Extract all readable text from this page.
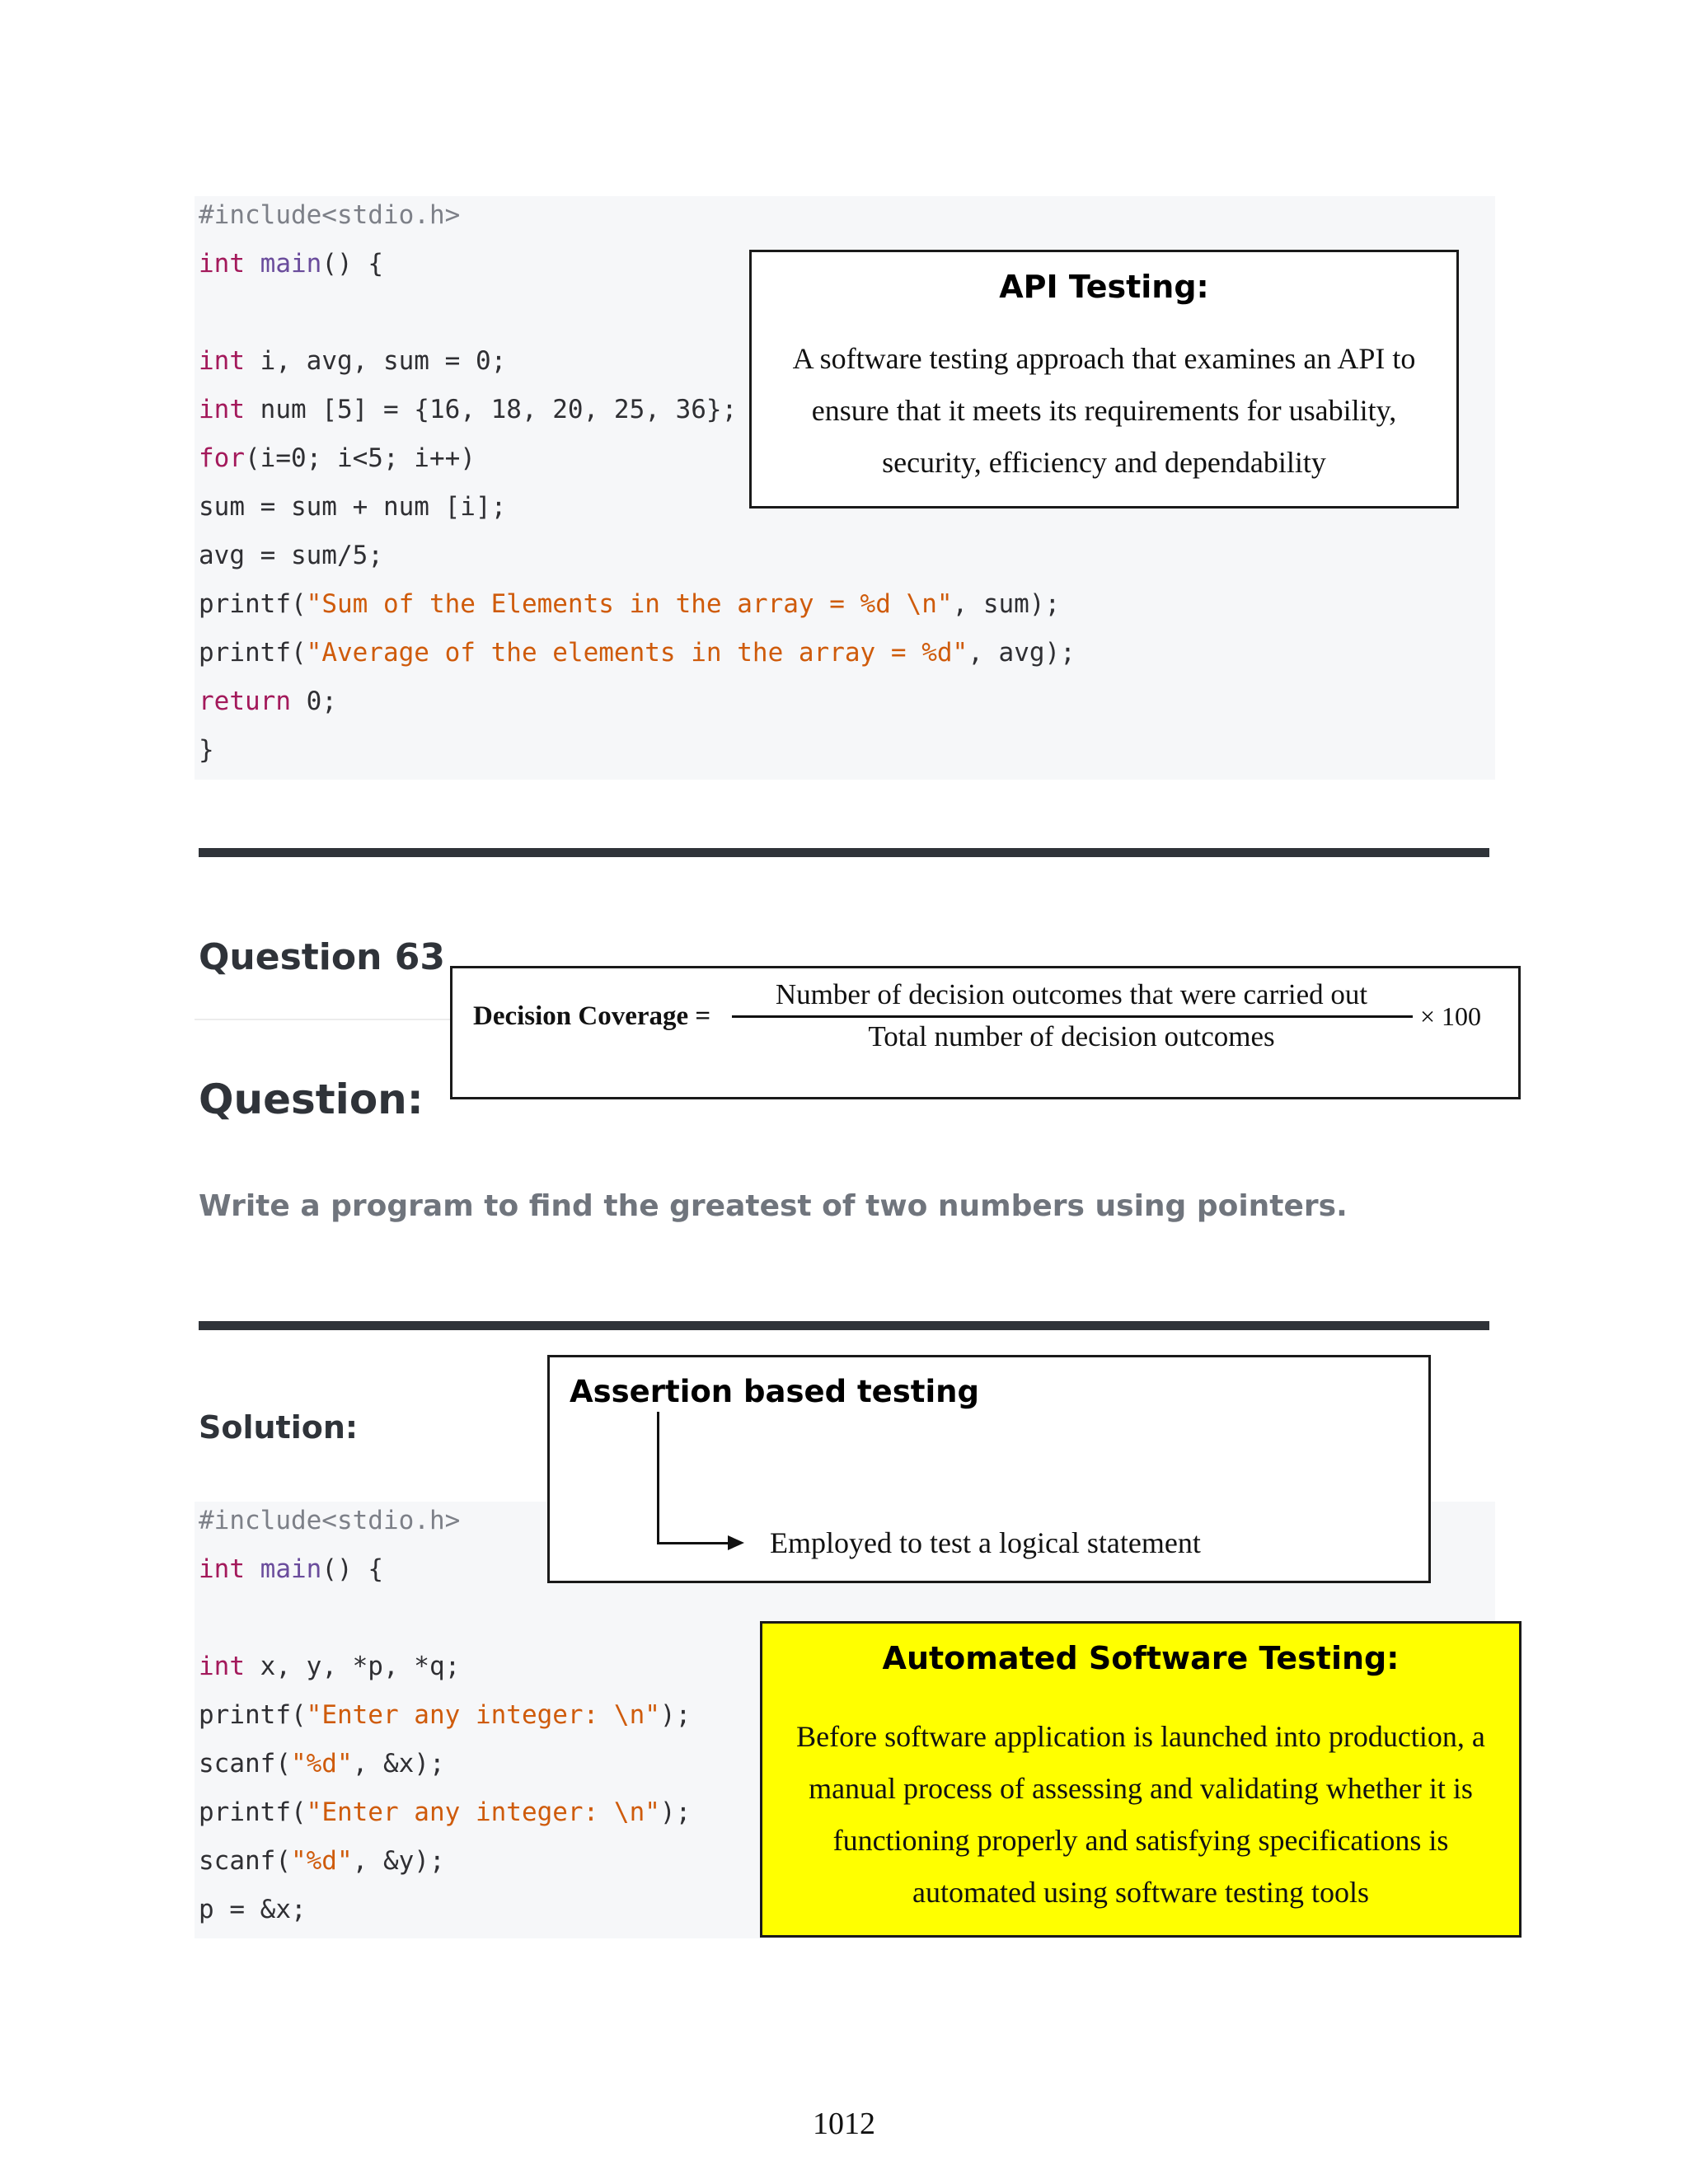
#include<stdio.h>
int main() {
int i, avg, sum = 0;
int num [5] = {16, 18, 20, 25, 36};
for(i=0; i<5; i++)
sum = sum + num [i];
avg = sum/5;
printf("Sum of the Elements in the array = %d \n", sum);
printf("Average of the elements in the array = %d", avg);
return 0;
}
API Testing:
A software testing approach that examines an API to
ensure that it meets its requirements for usability,
security, efficiency and dependability
Question 63
Decision Coverage =
Number of decision outcomes that were carried out
Total number of decision outcomes
× 100
Question:
Write a program to find the greatest of two numbers using pointers.
Solution:
#include<stdio.h>
int main() {
int x, y, *p, *q;
printf("Enter any integer: \n");
scanf("%d", &x);
printf("Enter any integer: \n");
scanf("%d", &y);
p = &x;
Assertion based testing
Employed to test a logical statement
Automated Software Testing:
Before software application is launched into production, a
manual process of assessing and validating whether it is
functioning properly and satisfying specifications is
automated using software testing tools
1012
